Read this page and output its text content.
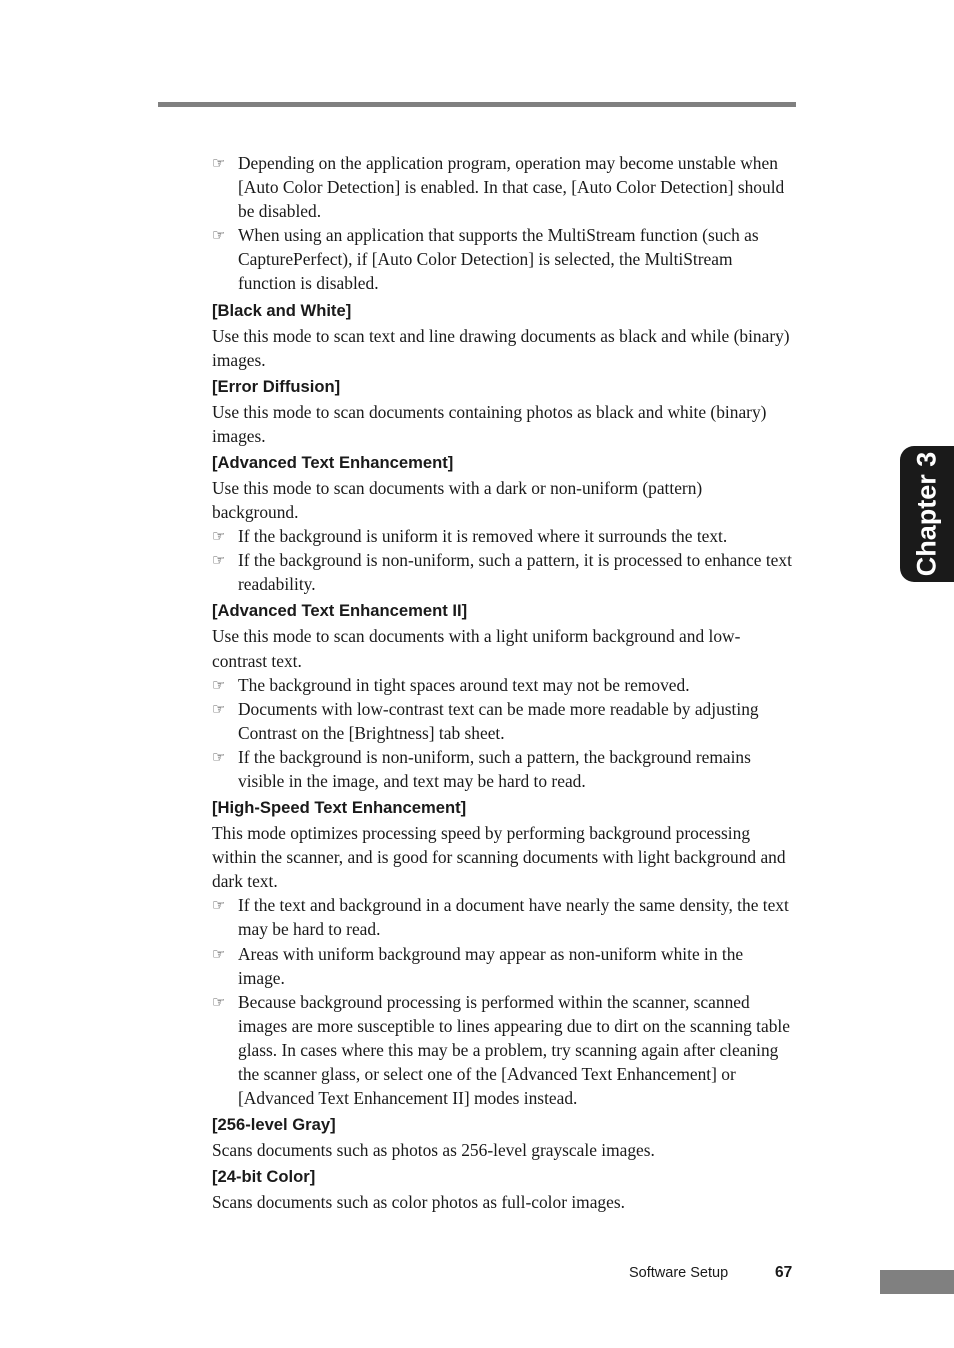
☞ Depending on the application program, operation may become unstable when [Auto Color Detection] is enabled. In that case, [Auto Color Detection] should be disabled.
☞ When using an application that supports the MultiStream function (such as CapturePerfect), if [Auto Color Detection] is selected, the MultiStream function is disabled.
[Black and White]

Use this mode to scan text and line drawing documents as black and while (binary) images.

[Error Diffusion]

Use this mode to scan documents containing photos as black and white (binary) images.

[Advanced Text Enhancement]

Use this mode to scan documents with a dark or non-uniform (pattern) background.

☞ If the background is uniform it is removed where it surrounds the text.
☞ If the background is non-uniform, such a pattern, it is processed to enhance text readability.
[Advanced Text Enhancement II]

Use this mode to scan documents with a light uniform background and low-contrast text.

☞ The background in tight spaces around text may not be removed.
☞ Documents with low-contrast text can be made more readable by adjusting Contrast on the [Brightness] tab sheet.
☞ If the background is non-uniform, such a pattern, the background remains visible in the image, and text may be hard to read.
[High-Speed Text Enhancement]

This mode optimizes processing speed by performing background processing within the scanner, and is good for scanning documents with light background and dark text.

☞ If the text and background in a document have nearly the same density, the text may be hard to read.
☞ Areas with uniform background may appear as non-uniform white in the image.
☞ Because background processing is performed within the scanner, scanned images are more susceptible to lines appearing due to dirt on the scanning table glass. In cases where this may be a problem, try scanning again after cleaning the scanner glass, or select one of the [Advanced Text Enhancement] or [Advanced Text Enhancement II] modes instead.
[256-level Gray]

Scans documents such as photos as 256-level grayscale images.

[24-bit Color]

Scans documents such as color photos as full-color images.

Chapter 3
Software Setup	67
